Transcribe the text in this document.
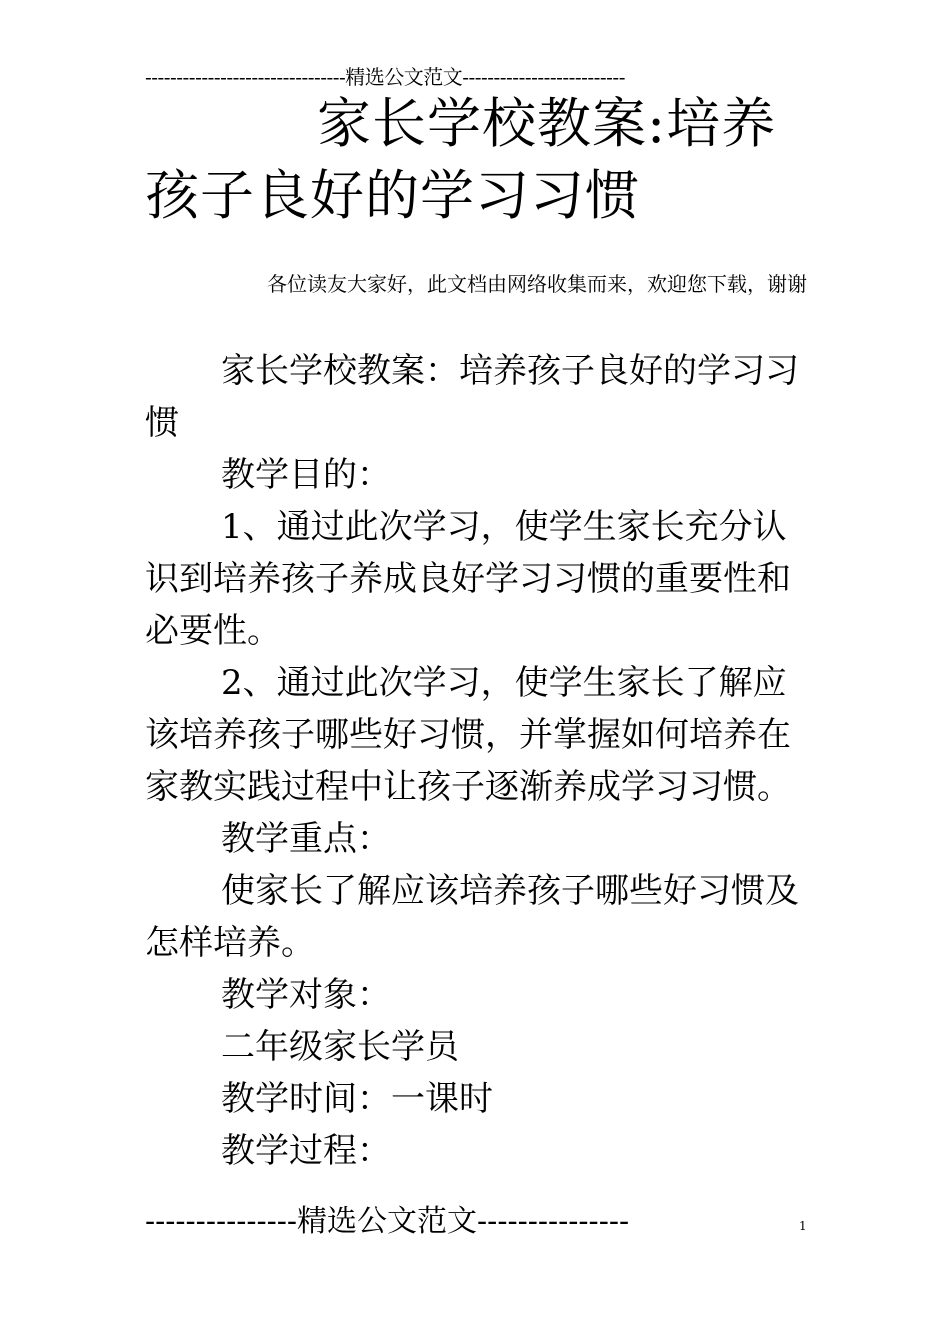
--------------------------------精选公文范文--------------------------
家长学校教案:培养孩子良好的学习习惯
各位读友大家好，此文档由网络收集而来，欢迎您下载，谢谢

家长学校教案：培养孩子良好的学习习惯

教学目的：

1、通过此次学习，使学生家长充分认识到培养孩子养成良好学习习惯的重要性和必要性。

2、通过此次学习，使学生家长了解应该培养孩子哪些好习惯，并掌握如何培养在家教实践过程中让孩子逐渐养成学习习惯。

教学重点：

使家长了解应该培养孩子哪些好习惯及怎样培养。

教学对象：

二年级家长学员

教学时间：一课时

教学过程：

---------------精选公文范文---------------	1
